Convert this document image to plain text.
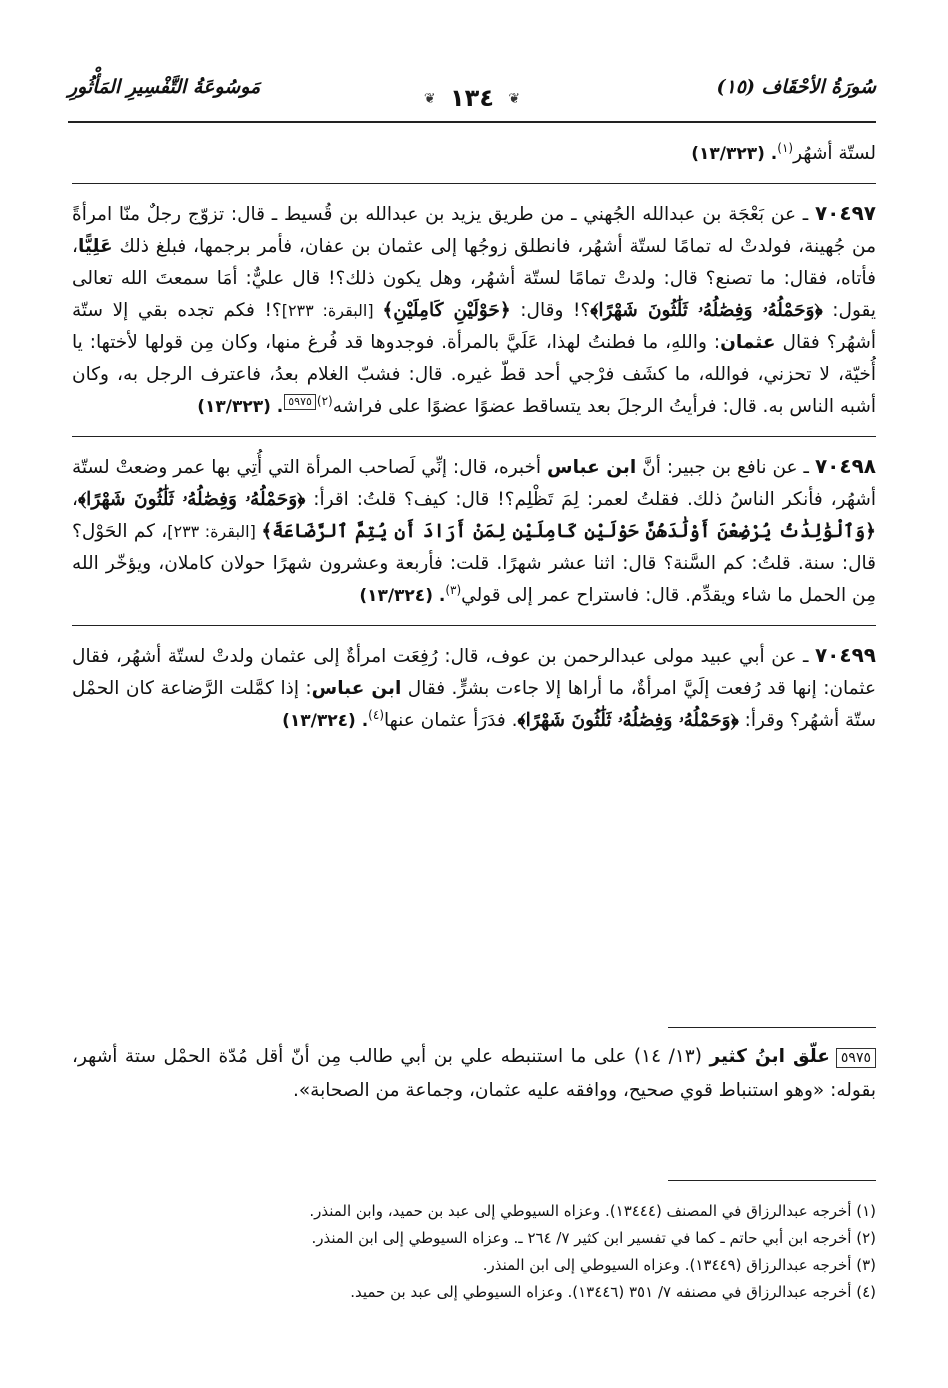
سُورَةُ الأحْقَاف (١٥)
❦ ١٣٤ ❦
مَوسُوعَةُ التَّفْسِيرِ المَأْثُورِ

لستّة أشهُر$^{(١)}$. (١٣/٣٢٣)

٧٠٤٩٧ ـ عن بَعْجَة بن عبدالله الجُهني ـ من طريق يزيد بن عبدالله بن قُسيط ـ قال: تزوّج رجلٌ منّا امرأةً من جُهينة، فولدتْ له تمامًا لستّة أشهُر، فانطلق زوجُها إلى عثمان بن عفان، فأمر برجمها، فبلغ ذلك عَلِيًّا، فأتاه، فقال: ما تصنع؟ قال: ولدتْ تمامًا لستّة أشهُر، وهل يكون ذلك؟! قال عليٌّ: أمَا سمعتَ الله تعالى يقول: ﴿وَحَمْلُهُۥ وَفِصَٰلُهُۥ ثَلَٰثُونَ شَهْرًا﴾؟! وقال: ﴿حَوْلَيْنِ كَامِلَيْنِ﴾ [البقرة: ٢٣٣]؟! فكم تجده بقي إلا ستّة أشهُر؟ فقال عثمان: واللهِ، ما فطنتُ لهذا، عَلَيَّ بالمرأة. فوجدوها قد فُرغ منها، وكان مِن قولها لأختها: يا أُخيّة، لا تحزني، فوالله، ما كشَف فرْجي أحد قطّ غيره. قال: فشبّ الغلام بعدُ، فاعترف الرجل به، وكان أشبه الناس به. قال: فرأيتُ الرجلَ بعد يتساقط عضوًا عضوًا على فراشه$^{(٢)}$٥٩٧٥. (١٣/٣٢٣)

٧٠٤٩٨ ـ عن نافع بن جبير: أنَّ ابن عباس أخبره، قال: إنِّي لَصاحب المرأة التي أُتِي بها عمر وضعتْ لستّة أشهُر، فأنكر الناسُ ذلك. فقلتُ لعمر: لِمَ تَظْلِم؟! قال: كيف؟ قلتُ: اقرأ: ﴿وَحَمْلُهُۥ وَفِصَٰلُهُۥ ثَلَٰثُونَ شَهْرًا﴾، ﴿وَٱلْوَٰلِدَٰتُ يُرْضِعْنَ أَوْلَٰدَهُنَّ حَوْلَيْنِ كَامِلَيْنِ لِمَنْ أَرَادَ أَن يُتِمَّ ٱلرَّضَاعَةَ﴾ [البقرة: ٢٣٣]، كم الحَوْل؟ قال: سنة. قلتُ: كم السَّنة؟ قال: اثنا عشر شهرًا. قلت: فأربعة وعشرون شهرًا حولان كاملان، ويؤخّر الله مِن الحمل ما شاء ويقدِّم. قال: فاستراح عمر إلى قولي$^{(٣)}$. (١٣/٣٢٤)

٧٠٤٩٩ ـ عن أبي عبيد مولى عبدالرحمن بن عوف، قال: رُفِعَت امرأةٌ إلى عثمان ولدتْ لستّة أشهُر، فقال عثمان: إنها قد رُفعت إلَيَّ امرأةٌ، ما أراها إلا جاءت بشرٍّ. فقال ابن عباس: إذا كمَّلت الرَّضاعة كان الحمْل ستّة أشهُر؟ وقرأ: ﴿وَحَمْلُهُۥ وَفِصَٰلُهُۥ ثَلَٰثُونَ شَهْرًا﴾. فدَرَأ عثمان عنها$^{(٤)}$. (١٣/٣٢٤)

٥٩٧٥علّق ابنُ كثير (١٣/ ١٤) على ما استنبطه علي بن أبي طالب مِن أنّ أقل مُدّة الحمْل ستة أشهر، بقوله: «وهو استنباط قوي صحيح، ووافقه عليه عثمان، وجماعة من الصحابة».

(١) أخرجه عبدالرزاق في المصنف (١٣٤٤٤). وعزاه السيوطي إلى عبد بن حميد، وابن المنذر.

(٢) أخرجه ابن أبي حاتم ـ كما في تفسير ابن كثير ٧/ ٢٦٤ ـ. وعزاه السيوطي إلى ابن المنذر.

(٣) أخرجه عبدالرزاق (١٣٤٤٩). وعزاه السيوطي إلى ابن المنذر.

(٤) أخرجه عبدالرزاق في مصنفه ٧/ ٣٥١ (١٣٤٤٦). وعزاه السيوطي إلى عبد بن حميد.
